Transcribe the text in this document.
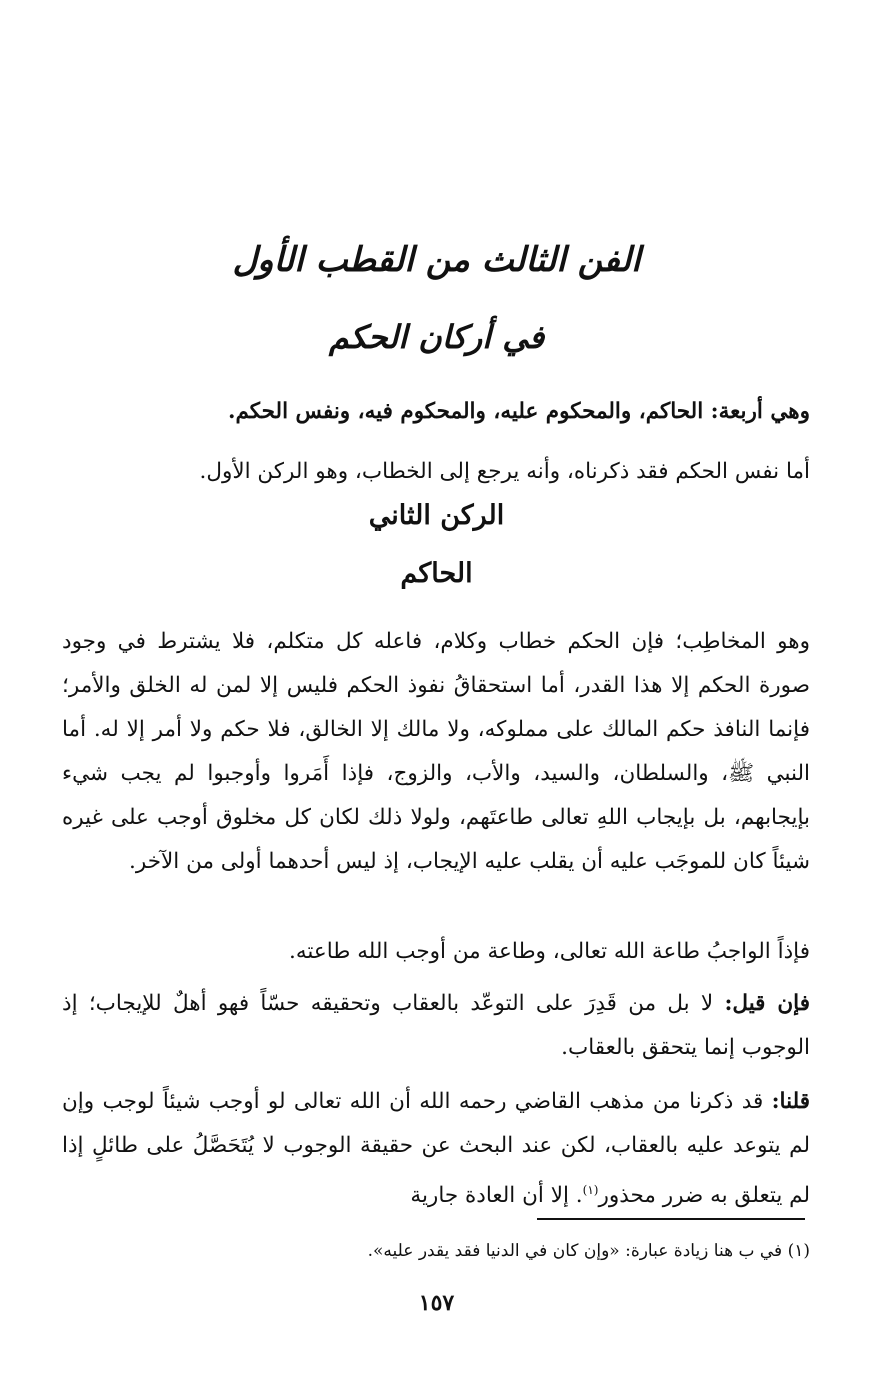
الفن الثالث من القطب الأول
في أركان الحكم
وهي أربعة: الحاكم، والمحكوم عليه، والمحكوم فيه، ونفس الحكم.
أما نفس الحكم فقد ذكرناه، وأنه يرجع إلى الخطاب، وهو الركن الأول.
الركن الثاني
الحاكم
وهو المخاطِب؛ فإن الحكم خطاب وكلام، فاعله كل متكلم، فلا يشترط في وجود صورة الحكم إلا هذا القدر، أما استحقاقُ نفوذ الحكم فليس إلا لمن له الخلق والأمر؛ فإنما النافذ حكم المالك على مملوكه، ولا مالك إلا الخالق، فلا حكم ولا أمر إلا له. أما النبي ﷺ، والسلطان، والسيد، والأب، والزوج، فإذا أَمَروا وأوجبوا لم يجب شيء بإيجابهم، بل بإيجاب اللهِ تعالى طاعتَهم، ولولا ذلك لكان كل مخلوق أوجب على غيره شيئاً كان للموجَب عليه أن يقلب عليه الإيجاب، إذ ليس أحدهما أولى من الآخر.
فإذاً الواجبُ طاعة الله تعالى، وطاعة من أوجب الله طاعته.
فإن قيل: لا بل من قَدِرَ على التوعّد بالعقاب وتحقيقه حسّاً فهو أهلٌ للإيجاب؛ إذ الوجوب إنما يتحقق بالعقاب.
قلنا: قد ذكرنا من مذهب القاضي رحمه الله أن الله تعالى لو أوجب شيئاً لوجب وإن لم يتوعد عليه بالعقاب، لكن عند البحث عن حقيقة الوجوب لا يُتَحَصَّلُ على طائلٍ إذا لم يتعلق به ضرر محذور$^{(١)}$. إلا أن العادة جارية
(١) في ب هنا زيادة عبارة: «وإن كان في الدنيا فقد يقدر عليه».
١٥٧
